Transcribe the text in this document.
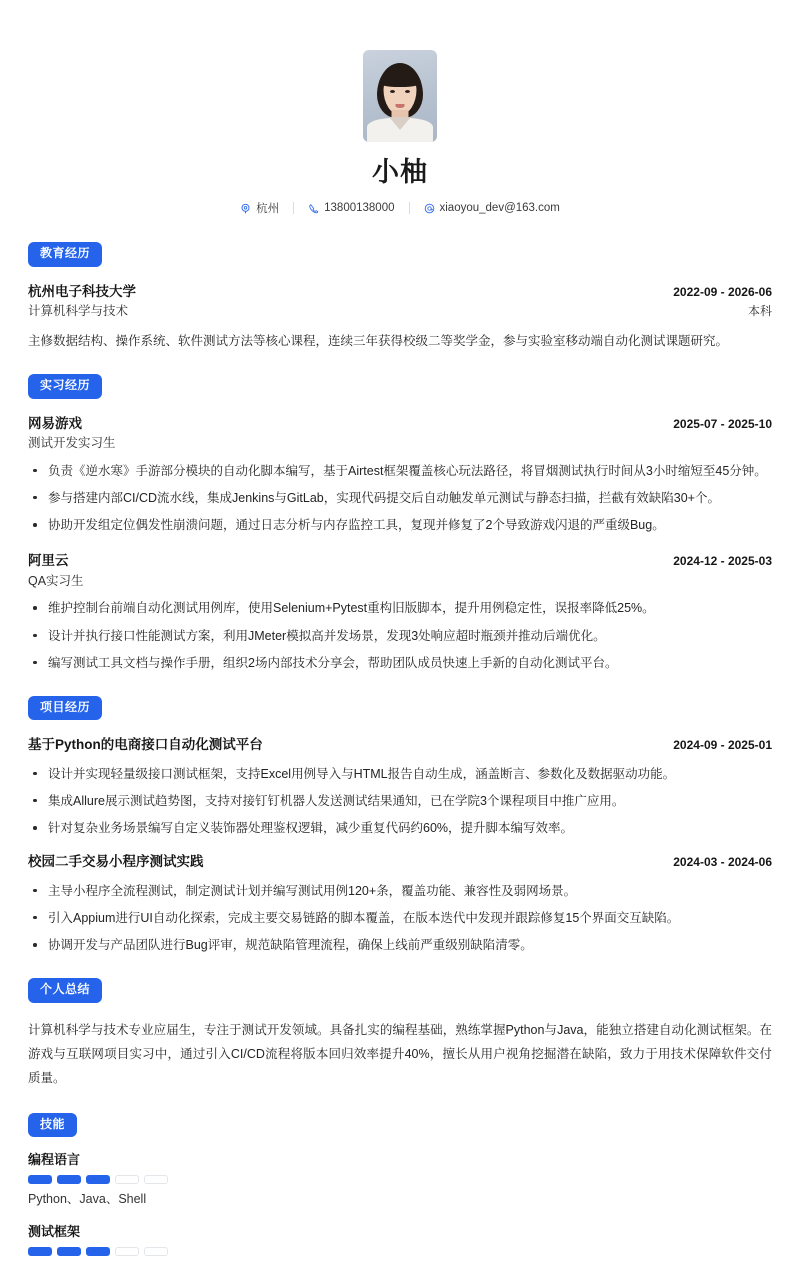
小柚
杭州	13800138000	xiaoyou_dev@163.com
教育经历
杭州电子科技大学	2022-09 - 2026-06
计算机科学与技术	本科
主修数据结构、操作系统、软件测试方法等核心课程，连续三年获得校级二等奖学金，参与实验室移动端自动化测试课题研究。
实习经历
网易游戏	2025-07 - 2025-10
测试开发实习生
负责《逆水寒》手游部分模块的自动化脚本编写，基于Airtest框架覆盖核心玩法路径，将冒烟测试执行时间从3小时缩短至45分钟。
参与搭建内部CI/CD流水线，集成Jenkins与GitLab，实现代码提交后自动触发单元测试与静态扫描，拦截有效缺陷30+个。
协助开发组定位偶发性崩溃问题，通过日志分析与内存监控工具，复现并修复了2个导致游戏闪退的严重级Bug。
阿里云	2024-12 - 2025-03
QA实习生
维护控制台前端自动化测试用例库，使用Selenium+Pytest重构旧版脚本，提升用例稳定性，误报率降低25%。
设计并执行接口性能测试方案，利用JMeter模拟高并发场景，发现3处响应超时瓶颈并推动后端优化。
编写测试工具文档与操作手册，组织2场内部技术分享会，帮助团队成员快速上手新的自动化测试平台。
项目经历
基于Python的电商接口自动化测试平台	2024-09 - 2025-01
设计并实现轻量级接口测试框架，支持Excel用例导入与HTML报告自动生成，涵盖断言、参数化及数据驱动功能。
集成Allure展示测试趋势图，支持对接钉钉机器人发送测试结果通知，已在学院3个课程项目中推广应用。
针对复杂业务场景编写自定义装饰器处理鉴权逻辑，减少重复代码约60%，提升脚本编写效率。
校园二手交易小程序测试实践	2024-03 - 2024-06
主导小程序全流程测试，制定测试计划并编写测试用例120+条，覆盖功能、兼容性及弱网场景。
引入Appium进行UI自动化探索，完成主要交易链路的脚本覆盖，在版本迭代中发现并跟踪修复15个界面交互缺陷。
协调开发与产品团队进行Bug评审，规范缺陷管理流程，确保上线前严重级别缺陷清零。
个人总结
计算机科学与技术专业应届生，专注于测试开发领域。具备扎实的编程基础，熟练掌握Python与Java，能独立搭建自动化测试框架。在游戏与互联网项目实习中，通过引入CI/CD流程将版本回归效率提升40%，擅长从用户视角挖掘潜在缺陷，致力于用技术保障软件交付质量。
技能
编程语言
Python、Java、Shell
测试框架
